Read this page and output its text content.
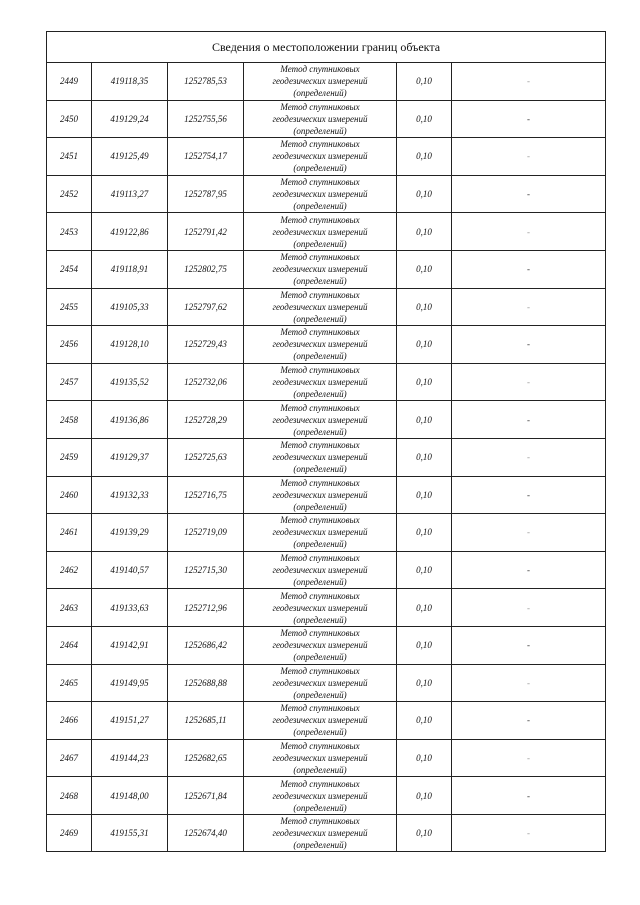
Сведения о местоположении границ объекта					
2449	419118,35	1252785,53	Метод спутниковых
геодезических измерений
(определений)	0,10	-
2450	419129,24	1252755,56	Метод спутниковых
геодезических измерений
(определений)	0,10	-
2451	419125,49	1252754,17	Метод спутниковых
геодезических измерений
(определений)	0,10	-
2452	419113,27	1252787,95	Метод спутниковых
геодезических измерений
(определений)	0,10	-
2453	419122,86	1252791,42	Метод спутниковых
геодезических измерений
(определений)	0,10	-
2454	419118,91	1252802,75	Метод спутниковых
геодезических измерений
(определений)	0,10	-
2455	419105,33	1252797,62	Метод спутниковых
геодезических измерений
(определений)	0,10	-
2456	419128,10	1252729,43	Метод спутниковых
геодезических измерений
(определений)	0,10	-
2457	419135,52	1252732,06	Метод спутниковых
геодезических измерений
(определений)	0,10	-
2458	419136,86	1252728,29	Метод спутниковых
геодезических измерений
(определений)	0,10	-
2459	419129,37	1252725,63	Метод спутниковых
геодезических измерений
(определений)	0,10	-
2460	419132,33	1252716,75	Метод спутниковых
геодезических измерений
(определений)	0,10	-
2461	419139,29	1252719,09	Метод спутниковых
геодезических измерений
(определений)	0,10	-
2462	419140,57	1252715,30	Метод спутниковых
геодезических измерений
(определений)	0,10	-
2463	419133,63	1252712,96	Метод спутниковых
геодезических измерений
(определений)	0,10	-
2464	419142,91	1252686,42	Метод спутниковых
геодезических измерений
(определений)	0,10	-
2465	419149,95	1252688,88	Метод спутниковых
геодезических измерений
(определений)	0,10	-
2466	419151,27	1252685,11	Метод спутниковых
геодезических измерений
(определений)	0,10	-
2467	419144,23	1252682,65	Метод спутниковых
геодезических измерений
(определений)	0,10	-
2468	419148,00	1252671,84	Метод спутниковых
геодезических измерений
(определений)	0,10	-
2469	419155,31	1252674,40	Метод спутниковых
геодезических измерений
(определений)	0,10	-
